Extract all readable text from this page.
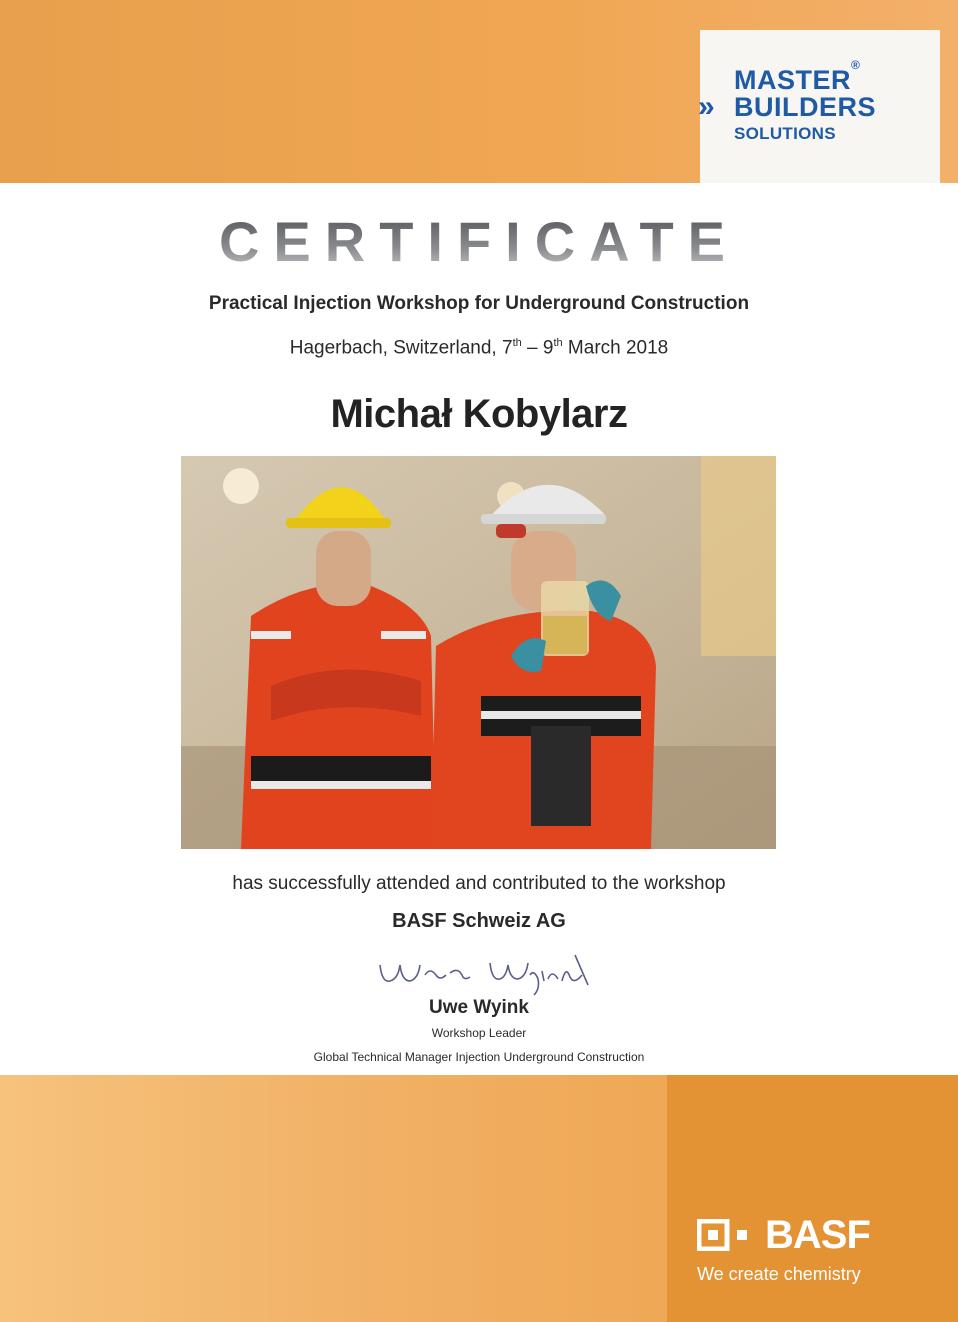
MASTER®
» BUILDERS
SOLUTIONS
CERTIFICATE
Practical Injection Workshop for Underground Construction
Hagerbach, Switzerland, 7th – 9th March 2018
Michał Kobylarz
has successfully attended and contributed to the workshop
BASF Schweiz AG
Uwe Wyink
Workshop Leader
Global Technical Manager Injection Underground Construction
BASF
We create chemistry
